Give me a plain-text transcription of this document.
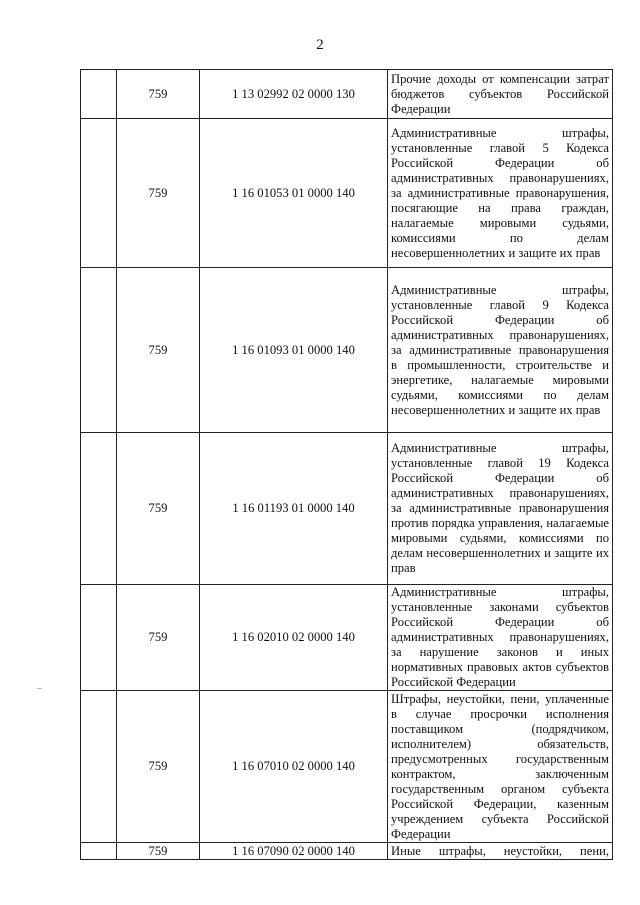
2
	759	1 13 02992 02 0000 130	Прочие доходы от компенсации затрат бюджетов субъектов Российской Федерации

	759	1 16 01053 01 0000 140	Административные штрафы, установленные главой 5 Кодекса Российской Федерации об административных правонарушениях, за административные правонарушения, посягающие на права граждан, налагаемые мировыми судьями, комиссиями по делам несовершеннолетних и защите их прав

	759	1 16 01093 01 0000 140	Административные штрафы, установленные главой 9 Кодекса Российской Федерации об административных правонарушениях, за административные правонарушения в промышленности, строительстве и энергетике, налагаемые мировыми судьями, комиссиями по делам несовершеннолетних и защите их прав

	759	1 16 01193 01 0000 140	Административные штрафы, установленные главой 19 Кодекса Российской Федерации об административных правонарушениях, за административные правонарушения против порядка управления, налагаемые мировыми судьями, комиссиями по делам несовершеннолетних и защите их прав

	759	1 16 02010 02 0000 140	Административные штрафы, установленные законами субъектов Российской Федерации об административных правонарушениях, за нарушение законов и иных нормативных правовых актов субъектов Российской Федерации

	759	1 16 07010 02 0000 140	Штрафы, неустойки, пени, уплаченные в случае просрочки исполнения поставщиком (подрядчиком, исполнителем) обязательств, предусмотренных государственным контрактом, заключенным государственным органом субъекта Российской Федерации, казенным учреждением субъекта Российской Федерации

	759	1 16 07090 02 0000 140	Иные штрафы, неустойки, пени,
